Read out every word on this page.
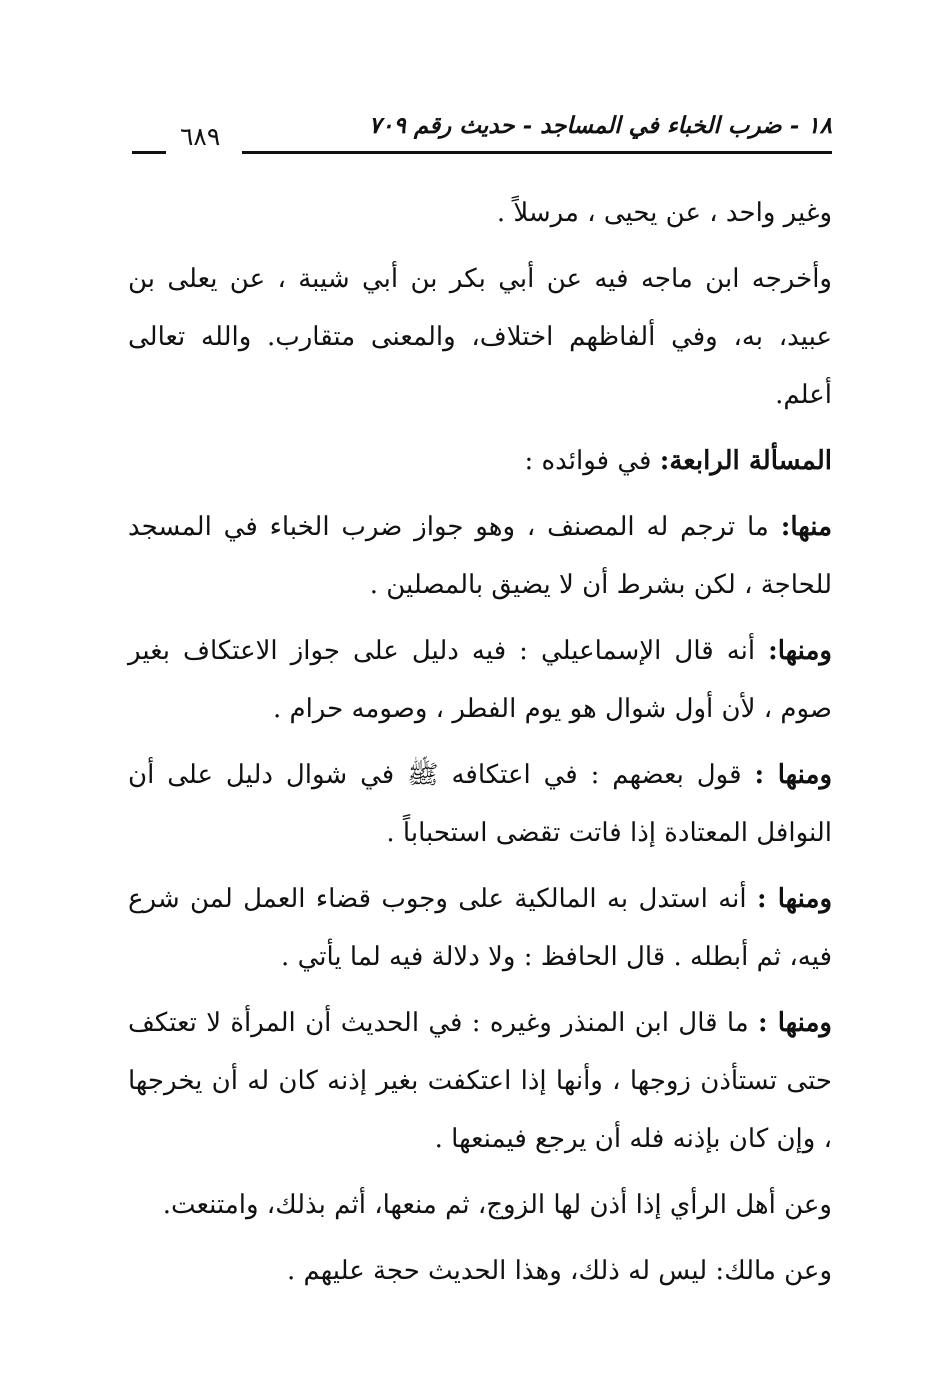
١٨ - ضرب الخباء في المساجد - حديث رقم ٧٠٩
٦٨٩

وغير واحد ، عن يحيى ، مرسلاً .

وأخرجه ابن ماجه فيه عن أبي بكر بن أبي شيبة ، عن يعلى بن عبيد، به، وفي ألفاظهم اختلاف، والمعنى متقارب. والله تعالى أعلم.

المسألة الرابعة: في فوائده :

منها: ما ترجم له المصنف ، وهو جواز ضرب الخباء في المسجد للحاجة ، لكن بشرط أن لا يضيق بالمصلين .

ومنها: أنه قال الإسماعيلي : فيه دليل على جواز الاعتكاف بغير صوم ، لأن أول شوال هو يوم الفطر ، وصومه حرام .

ومنها : قول بعضهم : في اعتكافه ﷺ في شوال دليل على أن النوافل المعتادة إذا فاتت تقضى استحباباً .

ومنها : أنه استدل به المالكية على وجوب قضاء العمل لمن شرع فيه، ثم أبطله . قال الحافظ : ولا دلالة فيه لما يأتي .

ومنها : ما قال ابن المنذر وغيره : في الحديث أن المرأة لا تعتكف حتى تستأذن زوجها ، وأنها إذا اعتكفت بغير إذنه كان له أن يخرجها ، وإن كان بإذنه فله أن يرجع فيمنعها .

وعن أهل الرأي إذا أذن لها الزوج، ثم منعها، أثم بذلك، وامتنعت.

وعن مالك: ليس له ذلك، وهذا الحديث حجة عليهم .
